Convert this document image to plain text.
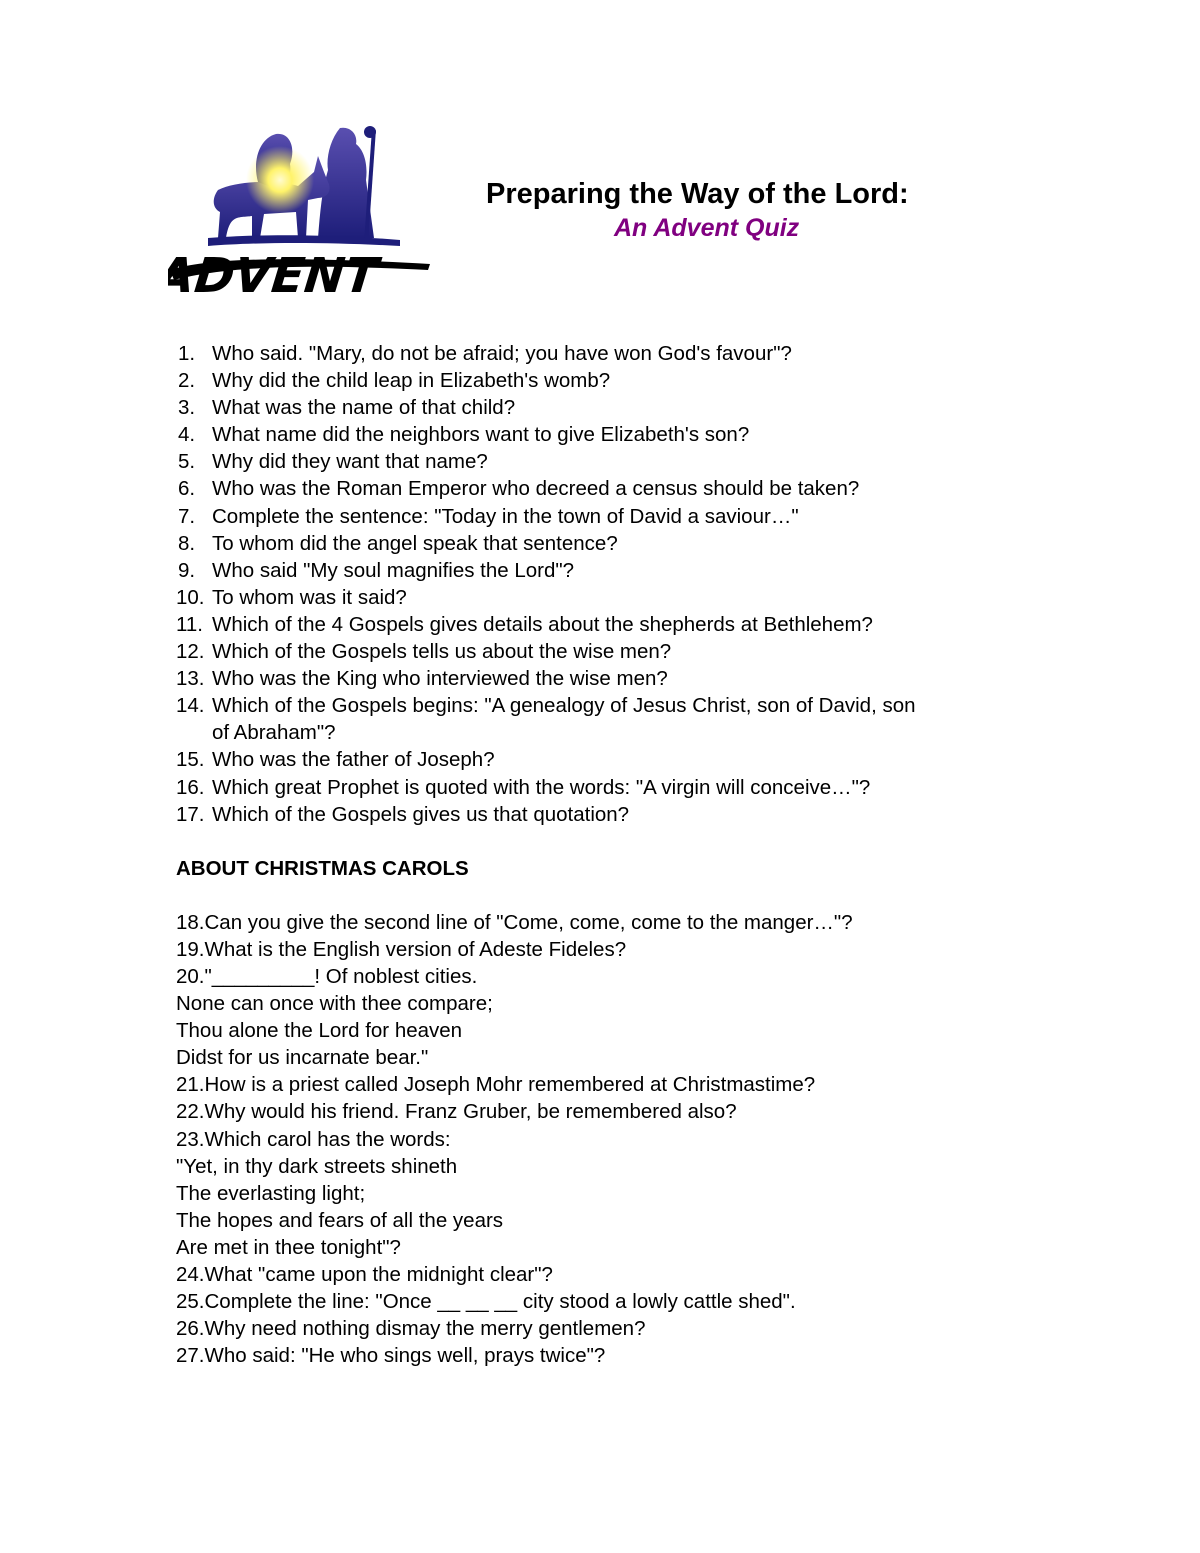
ADVENT
Preparing the Way of the Lord:
An Advent Quiz
1. Who said. "Mary, do not be afraid; you have won God's favour"?
2. Why did the child leap in Elizabeth's womb?
3. What was the name of that child?
4. What name did the neighbors want to give Elizabeth's son?
5. Why did they want that name?
6. Who was the Roman Emperor who decreed a census should be taken?
7. Complete the sentence: "Today in the town of David a saviour…"
8. To whom did the angel speak that sentence?
9. Who said "My soul magnifies the Lord"?
10. To whom was it said?
11. Which of the 4 Gospels gives details about the shepherds at Bethlehem?
12. Which of the Gospels tells us about the wise men?
13. Who was the King who interviewed the wise men?
14. Which of the Gospels begins: "A genealogy of Jesus Christ, son of David, son
of Abraham"?
15. Who was the father of Joseph?
16. Which great Prophet is quoted with the words: "A virgin will conceive…"?
17. Which of the Gospels gives us that quotation?
ABOUT CHRISTMAS CAROLS
18.Can you give the second line of "Come, come, come to the manger…"?
19.What is the English version of Adeste Fideles?
20."_________! Of noblest cities.
None can once with thee compare;
Thou alone the Lord for heaven
Didst for us incarnate bear."
21.How is a priest called Joseph Mohr remembered at Christmastime?
22.Why would his friend. Franz Gruber, be remembered also?
23.Which carol has the words:
"Yet, in thy dark streets shineth
The everlasting light;
The hopes and fears of all the years
Are met in thee tonight"?
24.What "came upon the midnight clear"?
25.Complete the line: "Once __ __ __ city stood a lowly cattle shed".
26.Why need nothing dismay the merry gentlemen?
27.Who said: "He who sings well, prays twice"?
